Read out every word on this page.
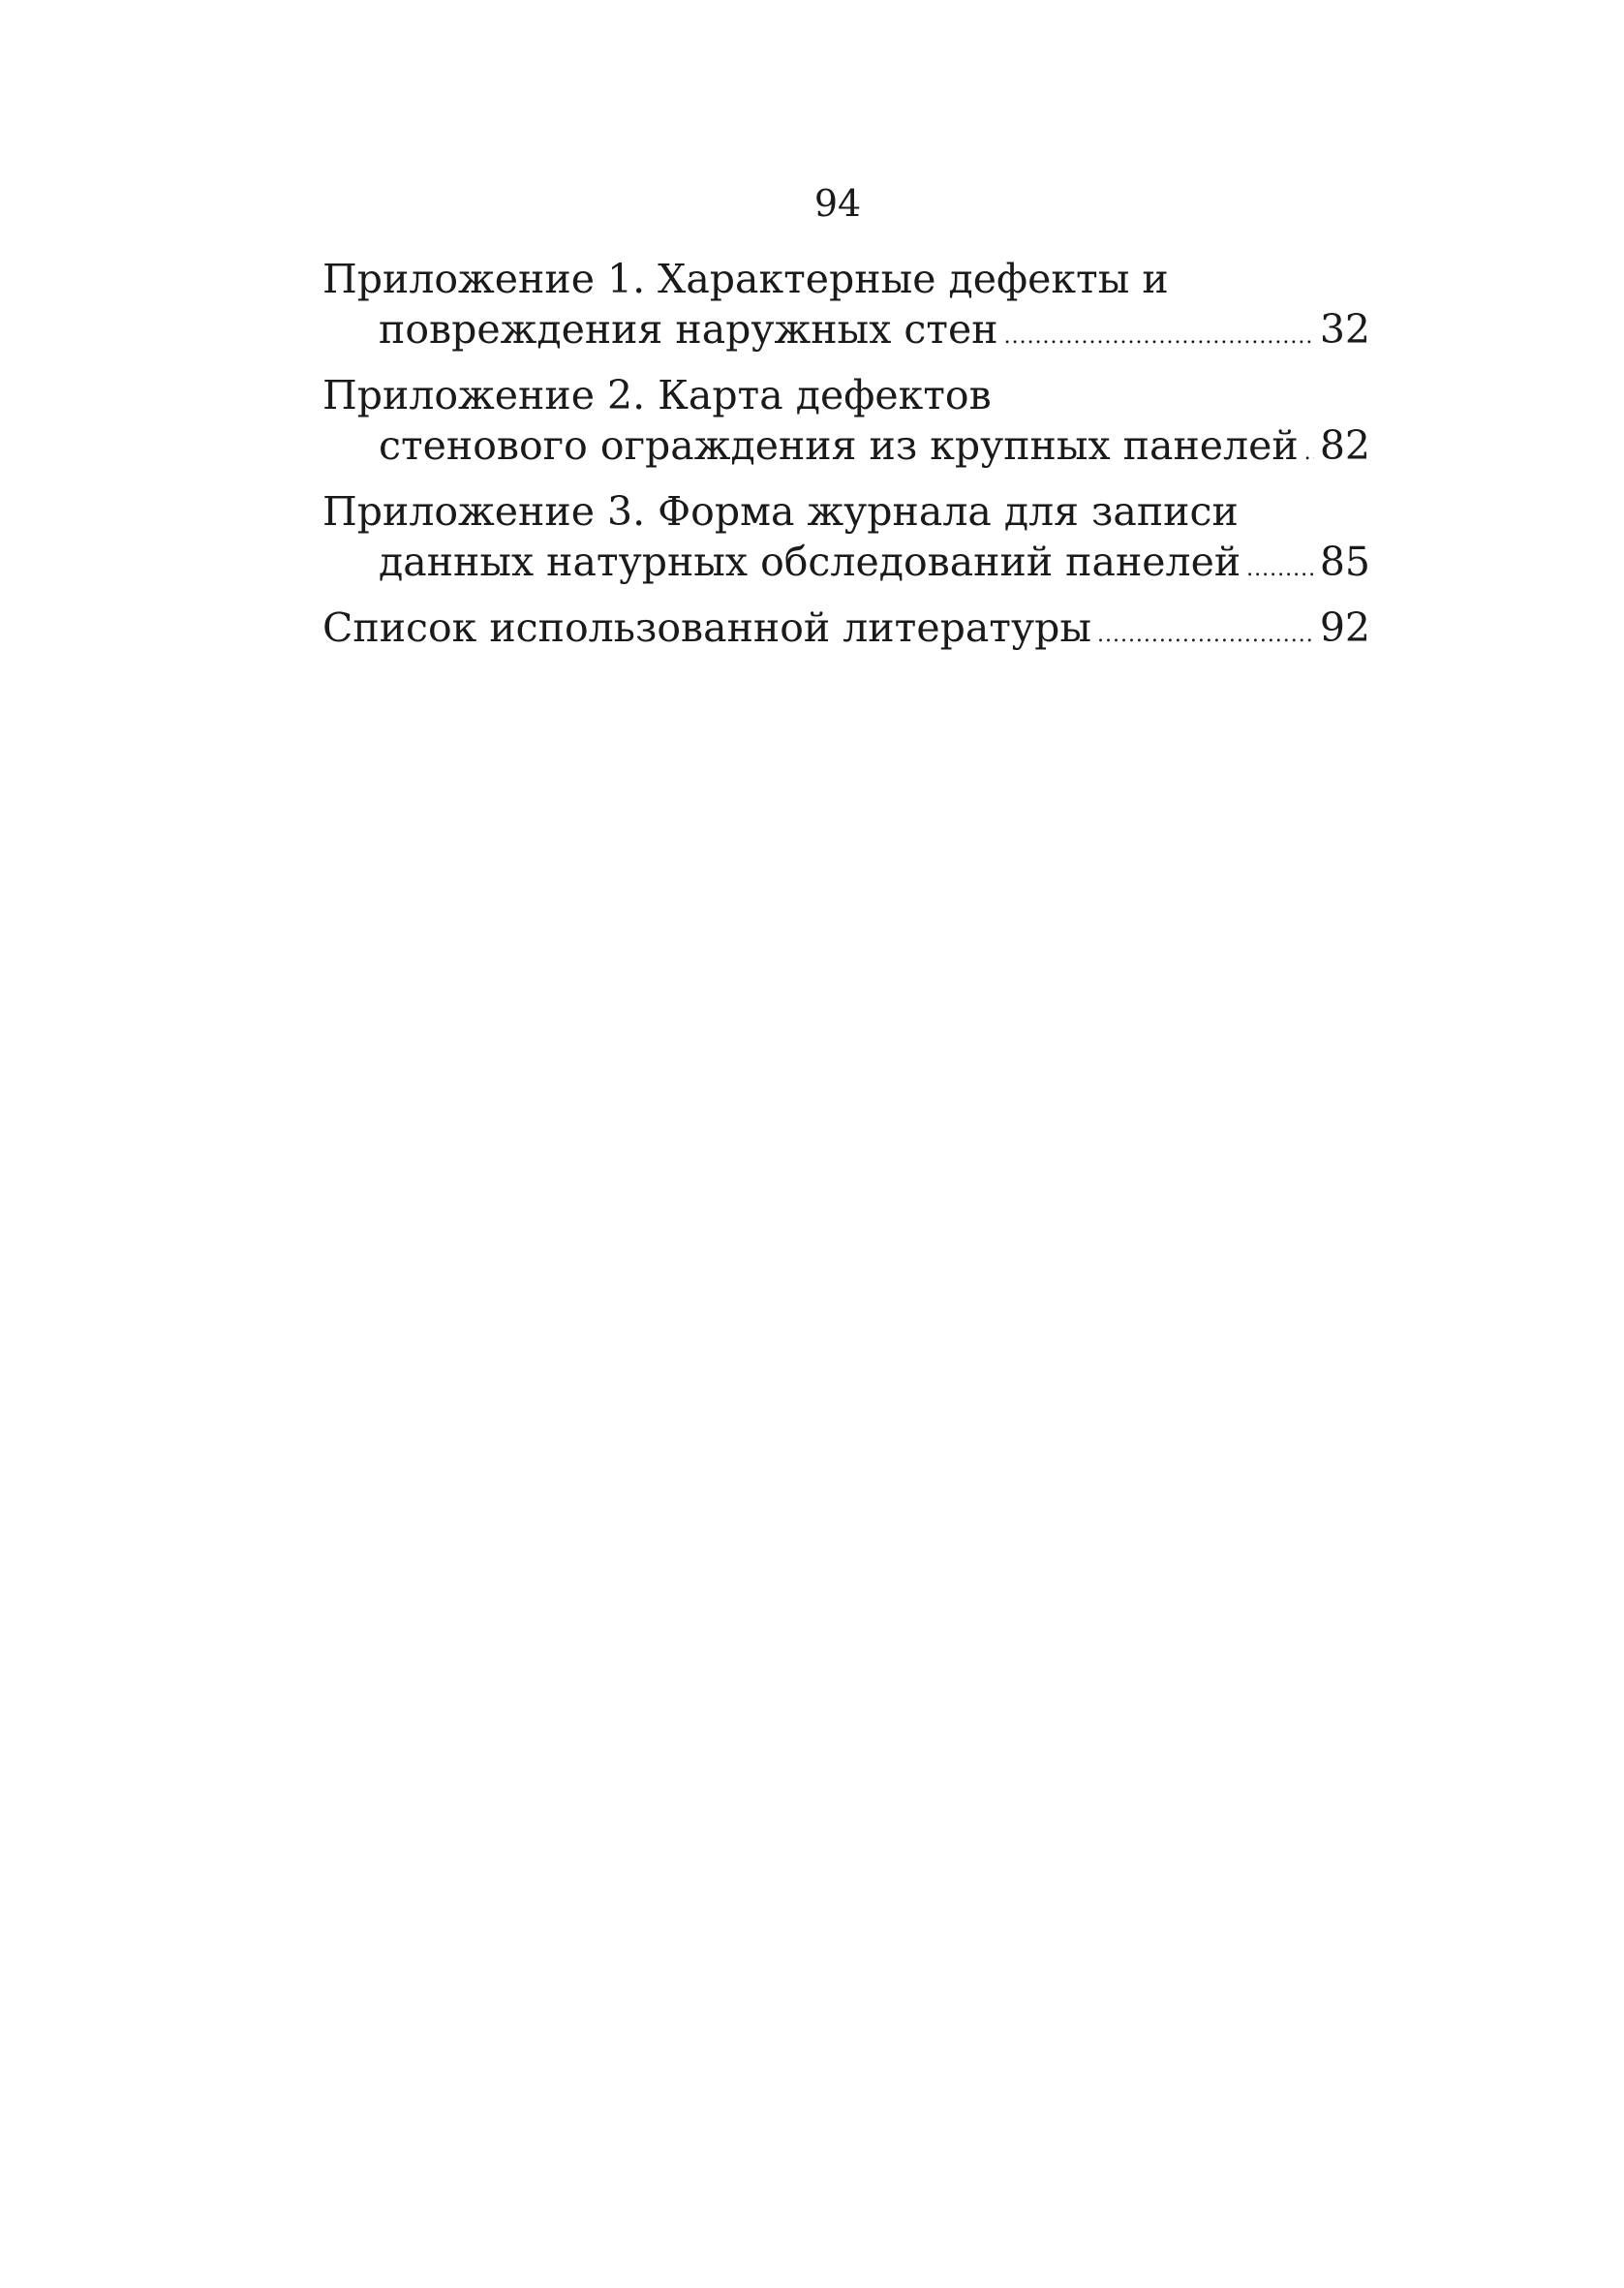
94
Приложение 1. Характерные дефекты и
повреждения наружных стен .....	32
Приложение 2. Карта дефектов
стенового ограждения из крупных панелей ..... 82
Приложение 3. Форма журнала для записи
данных натурных обследований панелей ..... 85
Список использованной литературы .....	92
